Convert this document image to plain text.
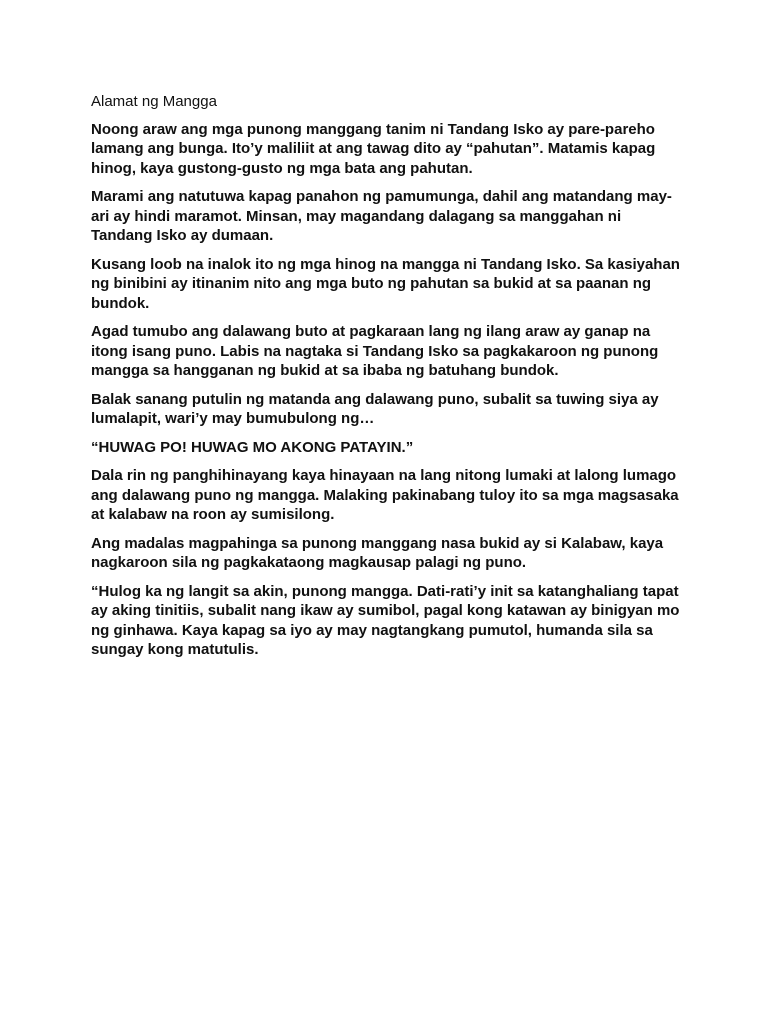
Alamat ng Mangga
Noong araw ang mga punong manggang tanim ni Tandang Isko ay pare-pareho lamang ang bunga. Ito’y maliliit at ang tawag dito ay “pahutan”. Matamis kapag hinog, kaya gustong-gusto ng mga bata ang pahutan.
Marami ang natutuwa kapag panahon ng pamumunga, dahil ang matandang may-ari ay hindi maramot. Minsan, may magandang dalagang sa manggahan ni Tandang Isko ay dumaan.
Kusang loob na inalok ito ng mga hinog na mangga ni Tandang Isko. Sa kasiyahan ng binibini ay itinanim nito ang mga buto ng pahutan sa bukid at sa paanan ng bundok.
Agad tumubo ang dalawang buto at pagkaraan lang ng ilang araw ay ganap na itong isang puno. Labis na nagtaka si Tandang Isko sa pagkakaroon ng punong mangga sa hangganan ng bukid at sa ibaba ng batuhang bundok.
Balak sanang putulin ng matanda ang dalawang puno, subalit sa tuwing siya ay lumalapit, wari’y may bumubulong ng…
“HUWAG PO! HUWAG MO AKONG PATAYIN.”
Dala rin ng panghihinayang kaya hinayaan na lang nitong lumaki at lalong lumago ang dalawang puno ng mangga. Malaking pakinabang tuloy ito sa mga magsasaka at kalabaw na roon ay sumisilong.
Ang madalas magpahinga sa punong manggang nasa bukid ay si Kalabaw, kaya nagkaroon sila ng pagkakataong magkausap palagi ng puno.
“Hulog ka ng langit sa akin, punong mangga. Dati-rati’y init sa katanghaliang tapat ay aking tinitiis, subalit nang ikaw ay sumibol, pagal kong katawan ay binigyan mo ng ginhawa. Kaya kapag sa iyo ay may nagtangkang pumutol, humanda sila sa sungay kong matutulis.
